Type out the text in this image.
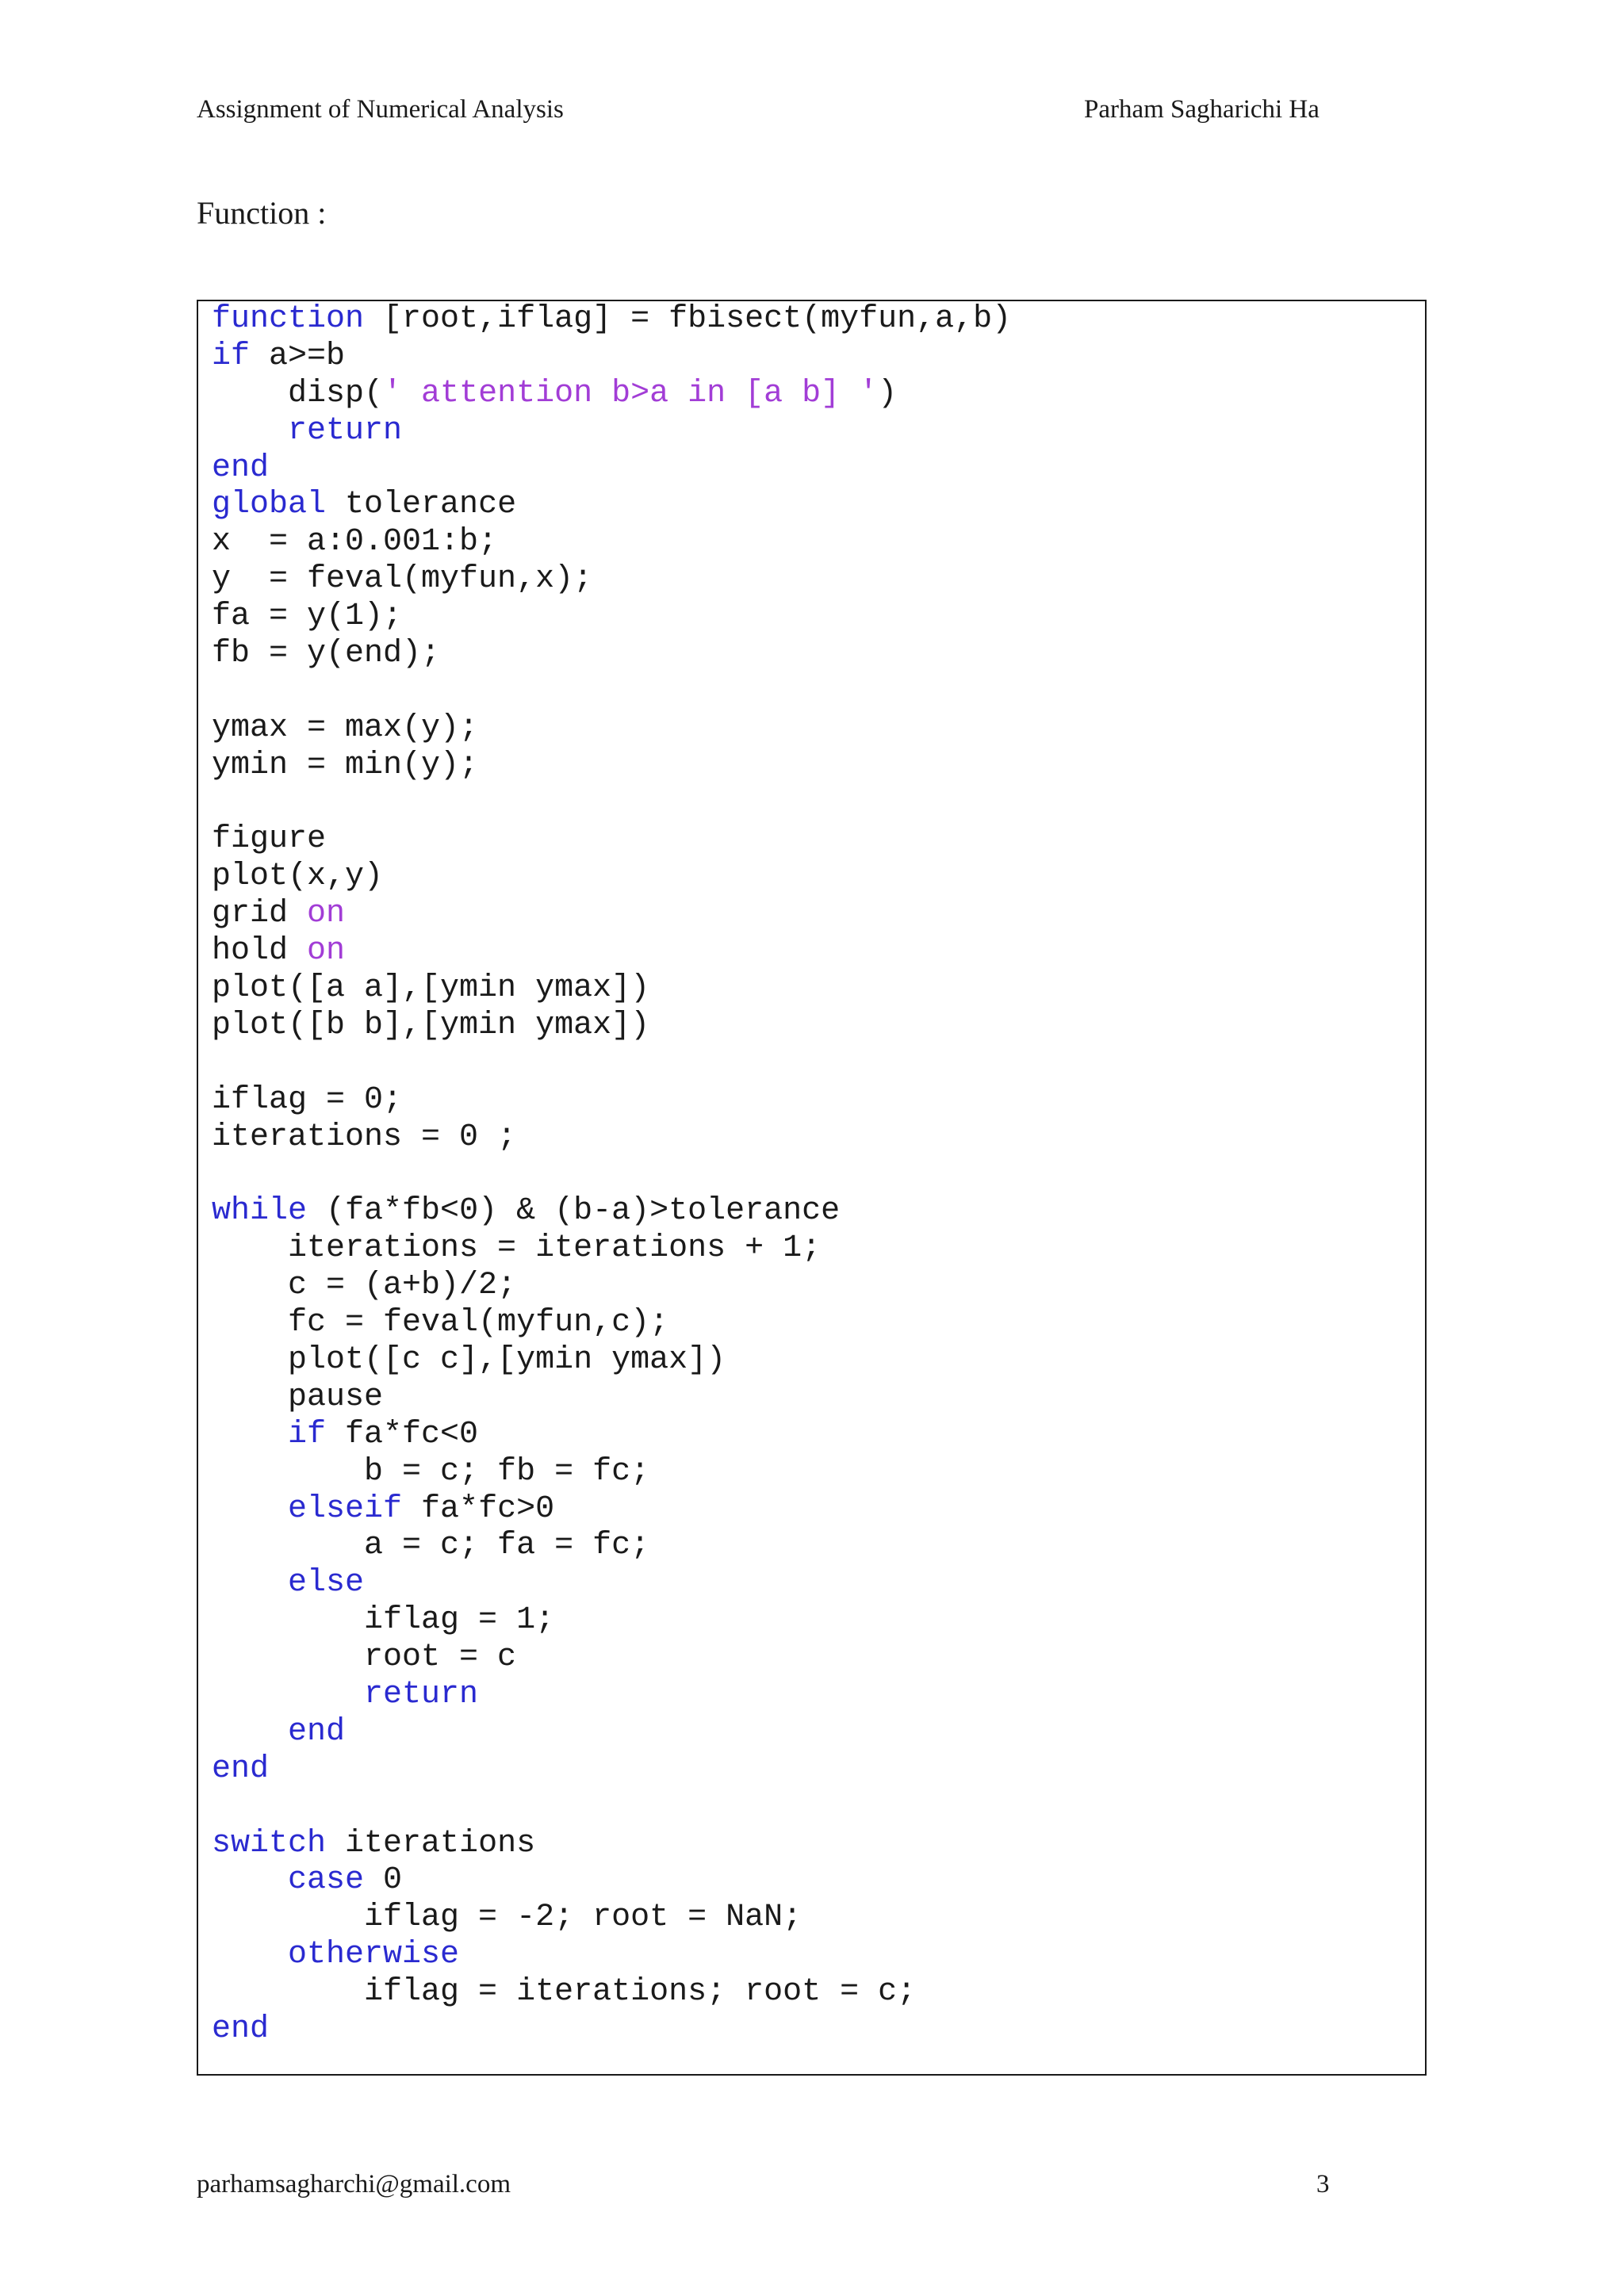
Assignment of Numerical Analysis	Parham Sagharichi Ha
Function :
function [root,iflag] = fbisect(myfun,a,b)
if a>=b
disp(' attention b>a in [a b] ')
return
end
global tolerance
x  = a:0.001:b;
y  = feval(myfun,x);
fa = y(1);
fb = y(end);
ymax = max(y);
ymin = min(y);
figure
plot(x,y)
grid on
hold on
plot([a a],[ymin ymax])
plot([b b],[ymin ymax])
iflag = 0;
iterations = 0 ;
while (fa*fb<0) & (b-a)>tolerance
iterations = iterations + 1;
c = (a+b)/2;
fc = feval(myfun,c);
plot([c c],[ymin ymax])
pause
if fa*fc<0
b = c; fb = fc;
elseif fa*fc>0
a = c; fa = fc;
else
iflag = 1;
root = c
return
end
end
switch iterations
case 0
iflag = -2; root = NaN;
otherwise
iflag = iterations; root = c;
end
parhamsagharchi@gmail.com	3
